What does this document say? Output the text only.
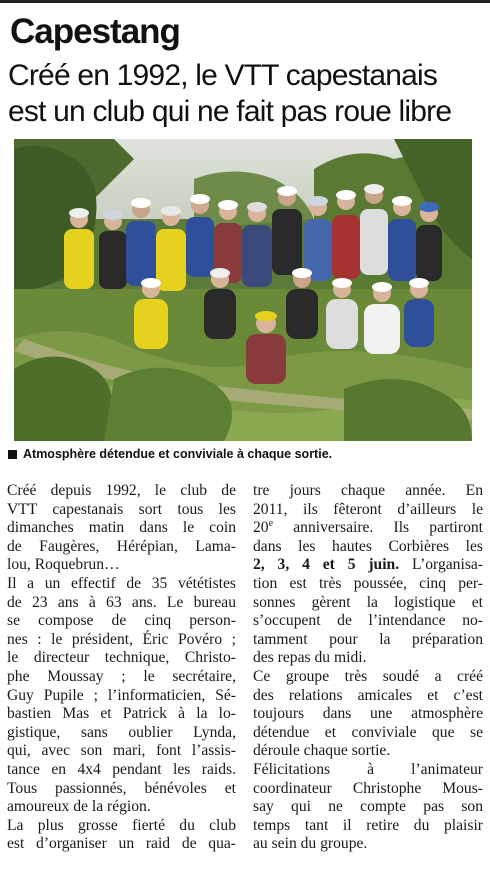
Capestang
Créé en 1992, le VTT capestanais
est un club qui ne fait pas roue libre
Atmosphère détendue et conviviale à chaque sortie.
Créé depuis 1992, le club de
VTT capestanais sort tous les
dimanches matin dans le coin
de Faugères, Hérépian, Lama-
lou, Roquebrun…
Il a un effectif de 35 vététistes
de 23 ans à 63 ans. Le bureau
se compose de cinq person-
nes : le président, Éric Povéro ;
le directeur technique, Christo-
phe Moussay ; le secrétaire,
Guy Pupile ; l’informaticien, Sé-
bastien Mas et Patrick à la lo-
gistique, sans oublier Lynda,
qui, avec son mari, font l’assis-
tance en 4x4 pendant les raids.
Tous passionnés, bénévoles et
amoureux de la région.
La plus grosse fierté du club
est d’organiser un raid de qua-
tre jours chaque année. En
2011, ils fêteront d’ailleurs le
20e anniversaire. Ils partiront
dans les hautes Corbières les
2, 3, 4 et 5 juin. L’organisa-
tion est très poussée, cinq per-
sonnes gèrent la logistique et
s’occupent de l’intendance no-
tamment pour la préparation
des repas du midi.
Ce groupe très soudé a créé
des relations amicales et c’est
toujours dans une atmosphère
détendue et conviviale que se
déroule chaque sortie.
Félicitations à l’animateur
coordinateur Christophe Mous-
say qui ne compte pas son
temps tant il retire du plaisir
au sein du groupe.
